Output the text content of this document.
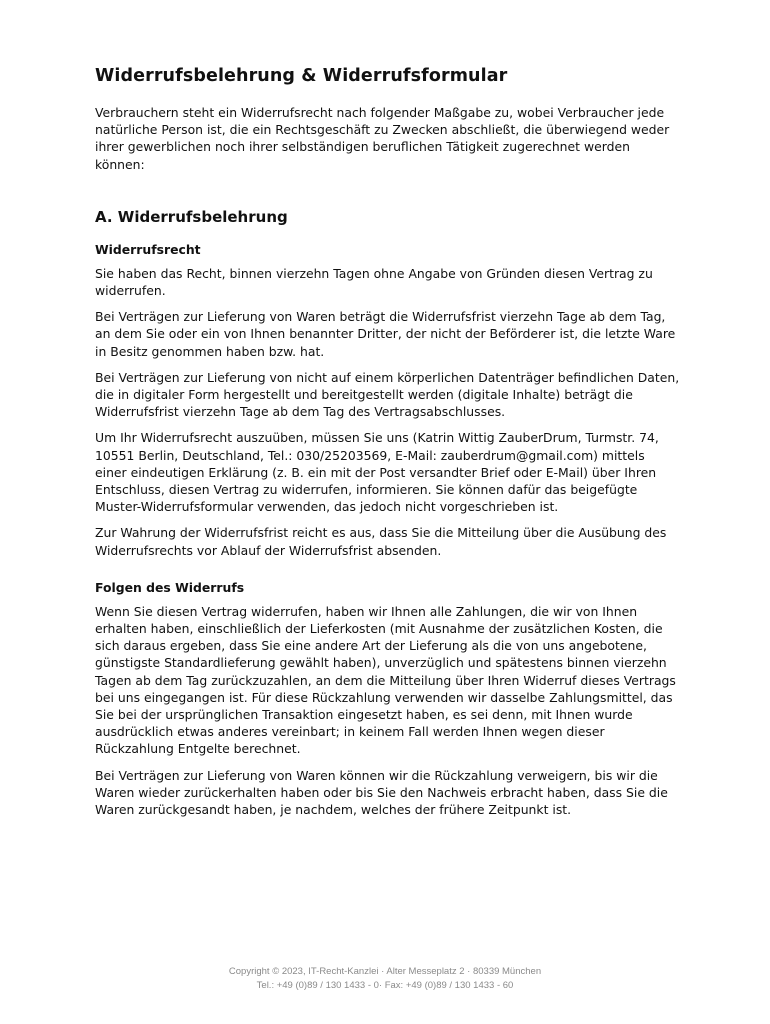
Widerrufsbelehrung & Widerrufsformular

Verbrauchern steht ein Widerrufsrecht nach folgender Maßgabe zu, wobei Verbraucher jede natürliche Person ist, die ein Rechtsgeschäft zu Zwecken abschließt, die überwiegend weder ihrer gewerblichen noch ihrer selbständigen beruflichen Tätigkeit zugerechnet werden können:

A. Widerrufsbelehrung
Widerrufsrecht

Sie haben das Recht, binnen vierzehn Tagen ohne Angabe von Gründen diesen Vertrag zu widerrufen.

Bei Verträgen zur Lieferung von Waren beträgt die Widerrufsfrist vierzehn Tage ab dem Tag, an dem Sie oder ein von Ihnen benannter Dritter, der nicht der Beförderer ist, die letzte Ware in Besitz genommen haben bzw. hat.

Bei Verträgen zur Lieferung von nicht auf einem körperlichen Datenträger befindlichen Daten, die in digitaler Form hergestellt und bereitgestellt werden (digitale Inhalte) beträgt die Widerrufsfrist vierzehn Tage ab dem Tag des Vertragsabschlusses.

Um Ihr Widerrufsrecht auszuüben, müssen Sie uns (Katrin Wittig ZauberDrum, Turmstr. 74, 10551 Berlin, Deutschland, Tel.: 030/25203569, E-Mail: zauberdrum@gmail.com) mittels einer eindeutigen Erklärung (z. B. ein mit der Post versandter Brief oder E-Mail) über Ihren Entschluss, diesen Vertrag zu widerrufen, informieren. Sie können dafür das beigefügte Muster-Widerrufsformular verwenden, das jedoch nicht vorgeschrieben ist.

Zur Wahrung der Widerrufsfrist reicht es aus, dass Sie die Mitteilung über die Ausübung des Widerrufsrechts vor Ablauf der Widerrufsfrist absenden.

Folgen des Widerrufs

Wenn Sie diesen Vertrag widerrufen, haben wir Ihnen alle Zahlungen, die wir von Ihnen erhalten haben, einschließlich der Lieferkosten (mit Ausnahme der zusätzlichen Kosten, die sich daraus ergeben, dass Sie eine andere Art der Lieferung als die von uns angebotene, günstigste Standardlieferung gewählt haben), unverzüglich und spätestens binnen vierzehn Tagen ab dem Tag zurückzuzahlen, an dem die Mitteilung über Ihren Widerruf dieses Vertrags bei uns eingegangen ist. Für diese Rückzahlung verwenden wir dasselbe Zahlungsmittel, das Sie bei der ursprünglichen Transaktion eingesetzt haben, es sei denn, mit Ihnen wurde ausdrücklich etwas anderes vereinbart; in keinem Fall werden Ihnen wegen dieser Rückzahlung Entgelte berechnet.

Bei Verträgen zur Lieferung von Waren können wir die Rückzahlung verweigern, bis wir die Waren wieder zurückerhalten haben oder bis Sie den Nachweis erbracht haben, dass Sie die Waren zurückgesandt haben, je nachdem, welches der frühere Zeitpunkt ist.

Copyright © 2023, IT-Recht-Kanzlei · Alter Messeplatz 2 · 80339 München
Tel.: +49 (0)89 / 130 1433 - 0· Fax: +49 (0)89 / 130 1433 - 60
